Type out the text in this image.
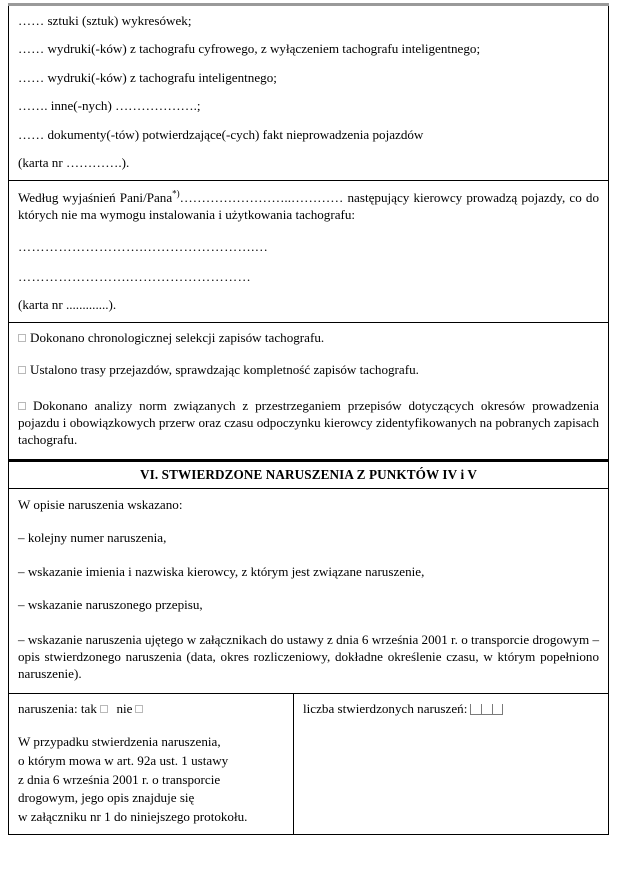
…… sztuki (sztuk) wykresówek;

…… wydruki(-ków) z tachografu cyfrowego, z wyłączeniem tachografu inteligentnego;

…… wydruki(-ków) z tachografu inteligentnego;

……. inne(-nych) ……………….;

…… dokumenty(-tów) potwierdzające(-cych) fakt nieprowadzenia pojazdów

(karta nr ………….).

Według wyjaśnień Pani/Pana*)……………………..………… następujący kierowcy prowadzą pojazdy, co do których nie ma wymogu instalowania i użytkowania tachografu:

……………………….…………………….…

…………………….………………………

(karta nr .............).

Dokonano chronologicznej selekcji zapisów tachografu.

Ustalono trasy przejazdów, sprawdzając kompletność zapisów tachografu.

Dokonano analizy norm związanych z przestrzeganiem przepisów dotyczących okresów prowadzenia pojazdu i obowiązkowych przerw oraz czasu odpoczynku kierowcy zidentyfikowanych na pobranych zapisach tachografu.

VI. STWIERDZONE NARUSZENIA Z PUNKTÓW IV i V

W opisie naruszenia wskazano:

– kolejny numer naruszenia,

– wskazanie imienia i nazwiska kierowcy, z którym jest związane naruszenie,

– wskazanie naruszonego przepisu,

– wskazanie naruszenia ujętego w załącznikach do ustawy z dnia 6 września 2001 r. o transporcie drogowym – opis stwierdzonego naruszenia (data, okres rozliczeniowy, dokładne określenie czasu, w którym popełniono naruszenie).

naruszenia: tak nie

W przypadku stwierdzenia naruszenia,

o którym mowa w art. 92a ust. 1 ustawy

z dnia 6 września 2001 r. o transporcie

drogowym, jego opis znajduje się

w załączniku nr 1 do niniejszego protokołu.

liczba stwierdzonych naruszeń:
